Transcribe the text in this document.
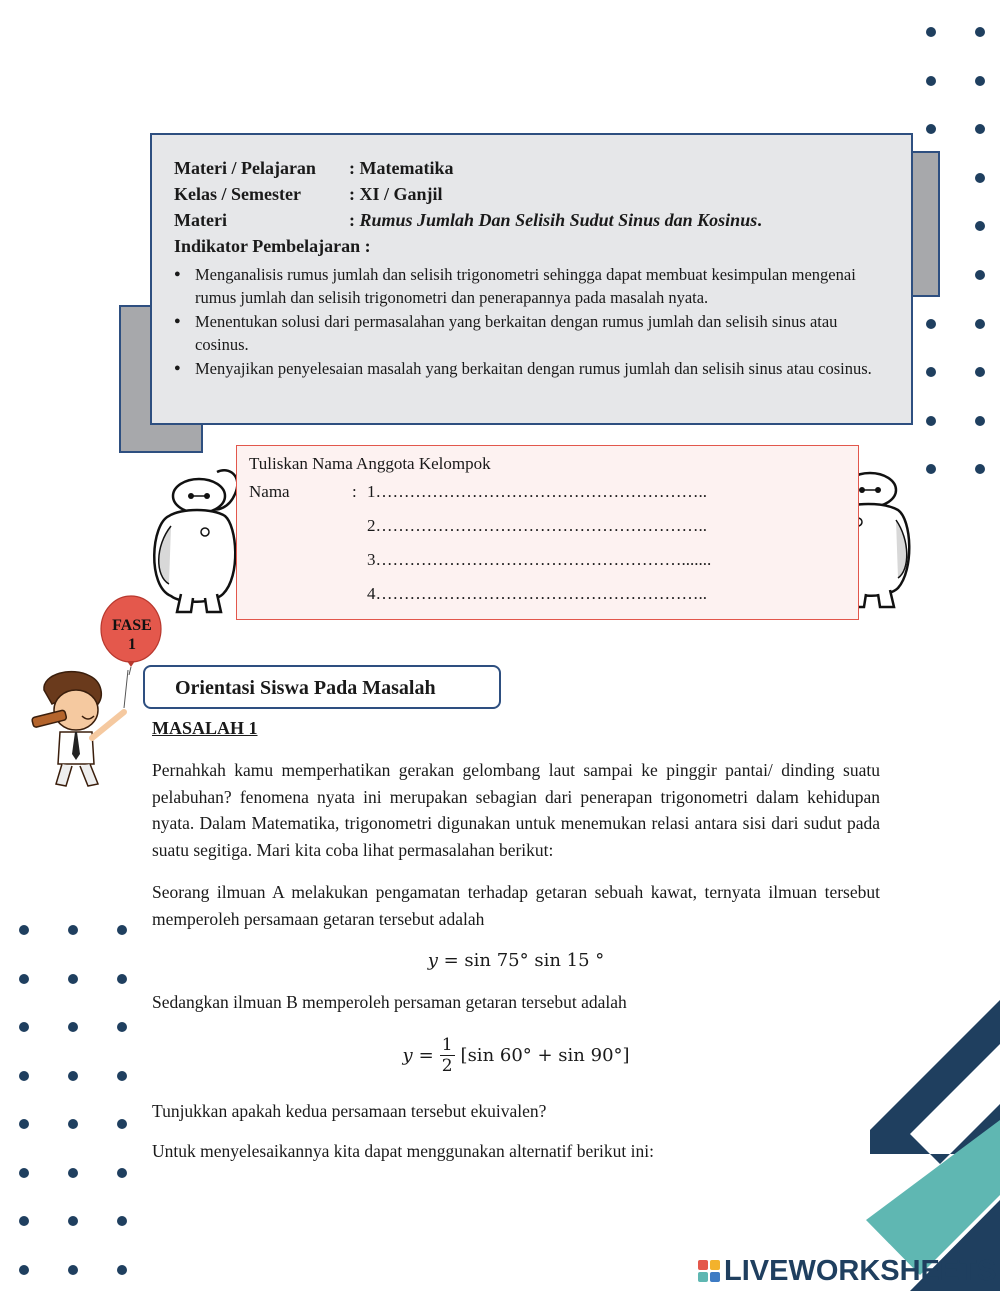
Materi / Pelajaran	: Matematika
Kelas / Semester	: XI / Ganjil
Materi	: Rumus Jumlah Dan Selisih Sudut Sinus dan Kosinus.
Indikator Pembelajaran :
● Menganalisis rumus jumlah dan selisih trigonometri sehingga dapat membuat kesimpulan mengenai rumus jumlah dan selisih trigonometri dan penerapannya pada masalah nyata.
● Menentukan solusi dari permasalahan yang berkaitan dengan rumus jumlah dan selisih sinus atau cosinus.
● Menyajikan penyelesaian masalah yang berkaitan dengan rumus jumlah dan selisih sinus atau cosinus.
Tuliskan Nama Anggota Kelompok
Nama	: 1…………………………………………………..
2…………………………………………………..
3……………………………………………….......
4…………………………………………………..
FASE
1
Orientasi Siswa Pada Masalah
MASALAH 1

Pernahkah kamu memperhatikan gerakan gelombang laut sampai ke pinggir pantai/ dinding suatu pelabuhan? fenomena nyata ini merupakan sebagian dari penerapan trigonometri dalam kehidupan nyata. Dalam Matematika, trigonometri digunakan untuk menemukan relasi antara sisi dari sudut pada suatu segitiga. Mari kita coba lihat permasalahan berikut:

Seorang ilmuan A melakukan pengamatan terhadap getaran sebuah kawat, ternyata ilmuan tersebut memperoleh persamaan getaran tersebut adalah

y = sin 75° sin 15 °

Sedangkan ilmuan B memperoleh persaman getaran tersebut adalah

$y = \frac{1}{2} [\sin$ 60° + sin 90°]

Tunjukkan apakah kedua persamaan tersebut ekuivalen?

Untuk menyelesaikannya kita dapat menggunakan alternatif berikut ini:

LIVEWORKSHEETS
